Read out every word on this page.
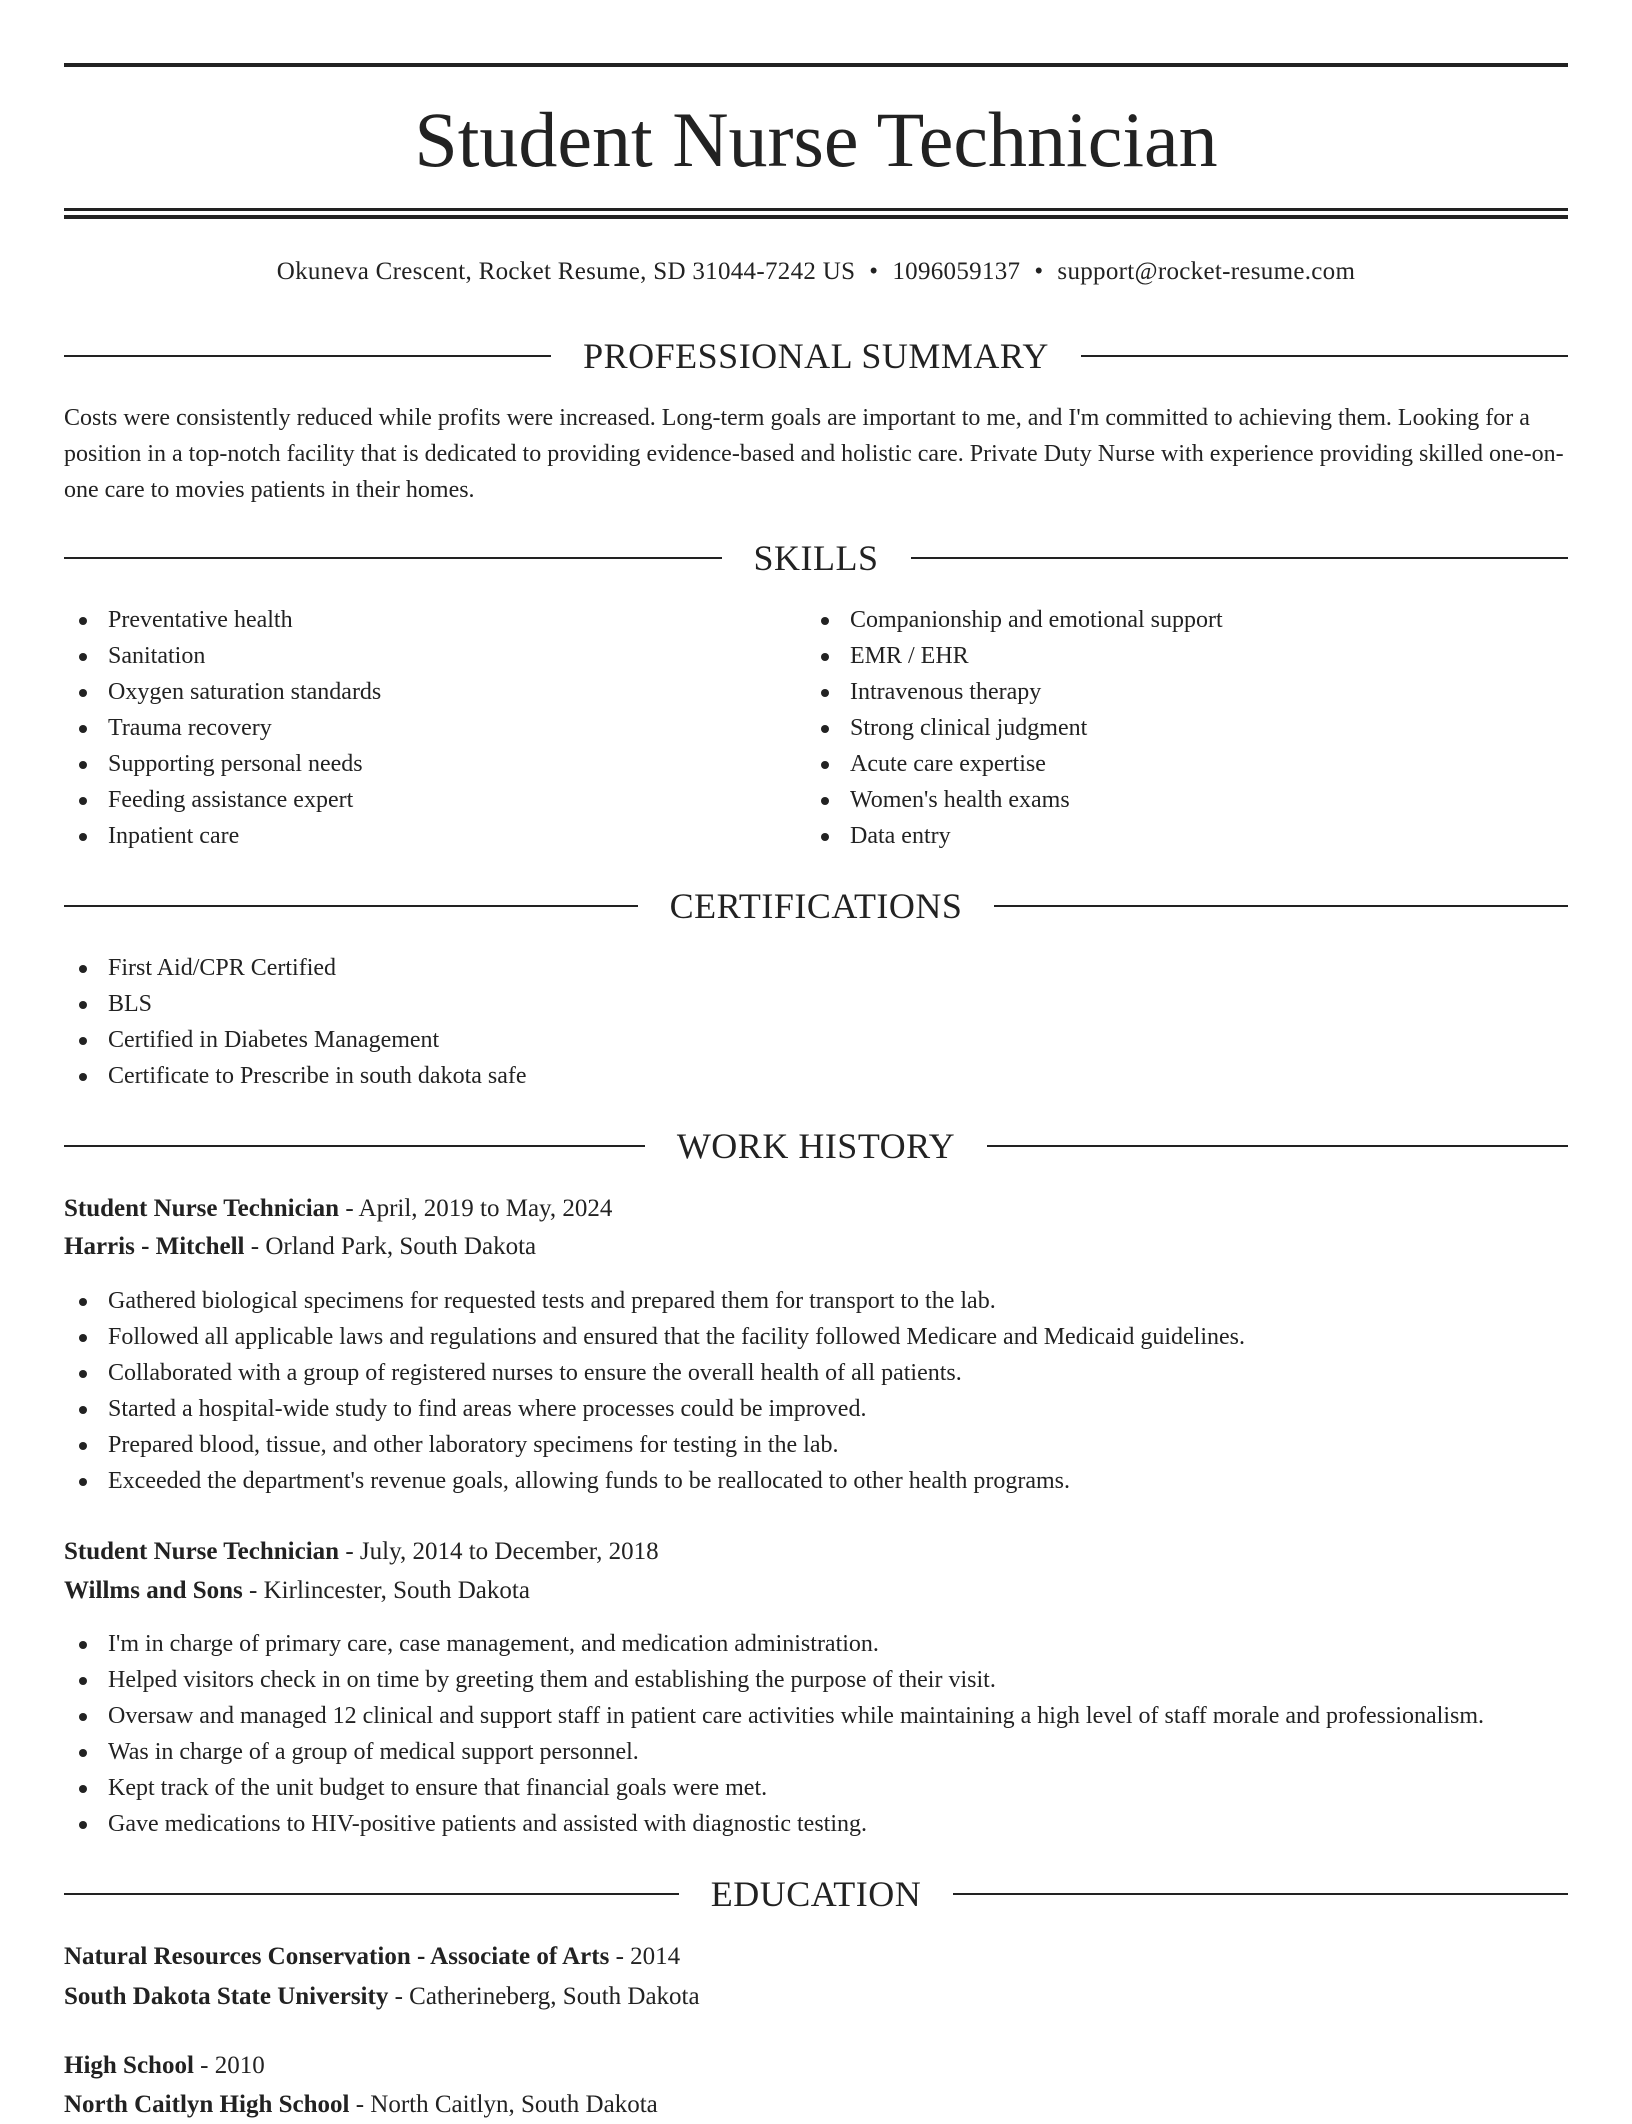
Student Nurse Technician
Okuneva Crescent, Rocket Resume, SD 31044-7242 US • 1096059137 • support@rocket-resume.com
PROFESSIONAL SUMMARY

Costs were consistently reduced while profits were increased. Long-term goals are important to me, and I'm committed to achieving them. Looking for a position in a top-notch facility that is dedicated to providing evidence-based and holistic care. Private Duty Nurse with experience providing skilled one-on-one care to movies patients in their homes.

SKILLS
Preventative health
Sanitation
Oxygen saturation standards
Trauma recovery
Supporting personal needs
Feeding assistance expert
Inpatient care
Companionship and emotional support
EMR / EHR
Intravenous therapy
Strong clinical judgment
Acute care expertise
Women's health exams
Data entry
CERTIFICATIONS
First Aid/CPR Certified
BLS
Certified in Diabetes Management
Certificate to Prescribe in south dakota safe
WORK HISTORY
Student Nurse Technician - April, 2019 to May, 2024
Harris - Mitchell - Orland Park, South Dakota
Gathered biological specimens for requested tests and prepared them for transport to the lab.
Followed all applicable laws and regulations and ensured that the facility followed Medicare and Medicaid guidelines.
Collaborated with a group of registered nurses to ensure the overall health of all patients.
Started a hospital-wide study to find areas where processes could be improved.
Prepared blood, tissue, and other laboratory specimens for testing in the lab.
Exceeded the department's revenue goals, allowing funds to be reallocated to other health programs.
Student Nurse Technician - July, 2014 to December, 2018
Willms and Sons - Kirlincester, South Dakota
I'm in charge of primary care, case management, and medication administration.
Helped visitors check in on time by greeting them and establishing the purpose of their visit.
Oversaw and managed 12 clinical and support staff in patient care activities while maintaining a high level of staff morale and professionalism.
Was in charge of a group of medical support personnel.
Kept track of the unit budget to ensure that financial goals were met.
Gave medications to HIV-positive patients and assisted with diagnostic testing.
EDUCATION
Natural Resources Conservation - Associate of Arts - 2014
South Dakota State University - Catherineberg, South Dakota
High School - 2010
North Caitlyn High School - North Caitlyn, South Dakota
